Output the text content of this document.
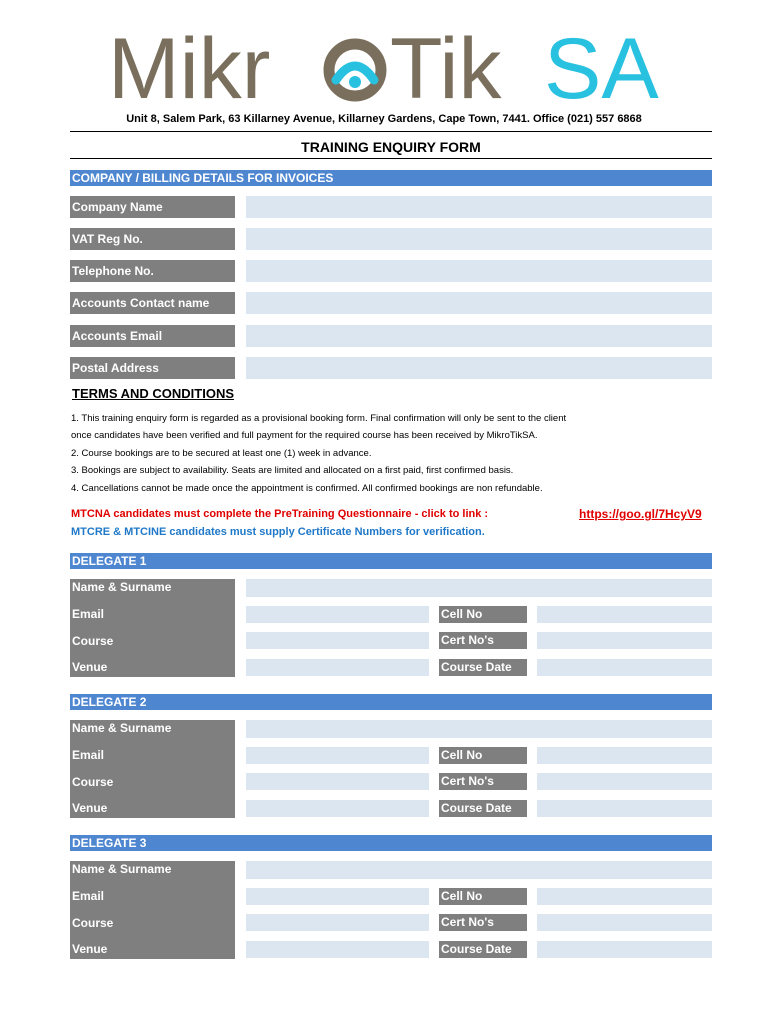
Mikr Tik SA
Unit 8, Salem Park, 63 Killarney Avenue, Killarney Gardens, Cape Town, 7441. Office (021) 557 6868
TRAINING ENQUIRY FORM
COMPANY / BILLING DETAILS FOR INVOICES
Company Name
VAT Reg No.
Telephone No.
Accounts Contact name
Accounts Email
Postal Address
TERMS AND CONDITIONS
1. This training enquiry form is regarded as a provisional booking form. Final confirmation will only be sent to the client
once candidates have been verified and full payment for the required course has been received by MikroTikSA.
2. Course bookings are to be secured at least one (1) week in advance.
3. Bookings are subject to availability. Seats are limited and allocated on a first paid, first confirmed basis.
4. Cancellations cannot be made once the appointment is confirmed. All confirmed bookings are non refundable.
MTCNA candidates must complete the PreTraining Questionnaire - click to link :	https://goo.gl/7HcyV9
MTCRE & MTCINE candidates must supply Certificate Numbers for verification.
DELEGATE 1
Name & Surname
Email
Course
Venue
Cell No
Cert No's
Course Date
DELEGATE 2
Name & Surname
Email
Course
Venue
Cell No
Cert No's
Course Date
DELEGATE 3
Name & Surname
Email
Course
Venue
Cell No
Cert No's
Course Date
